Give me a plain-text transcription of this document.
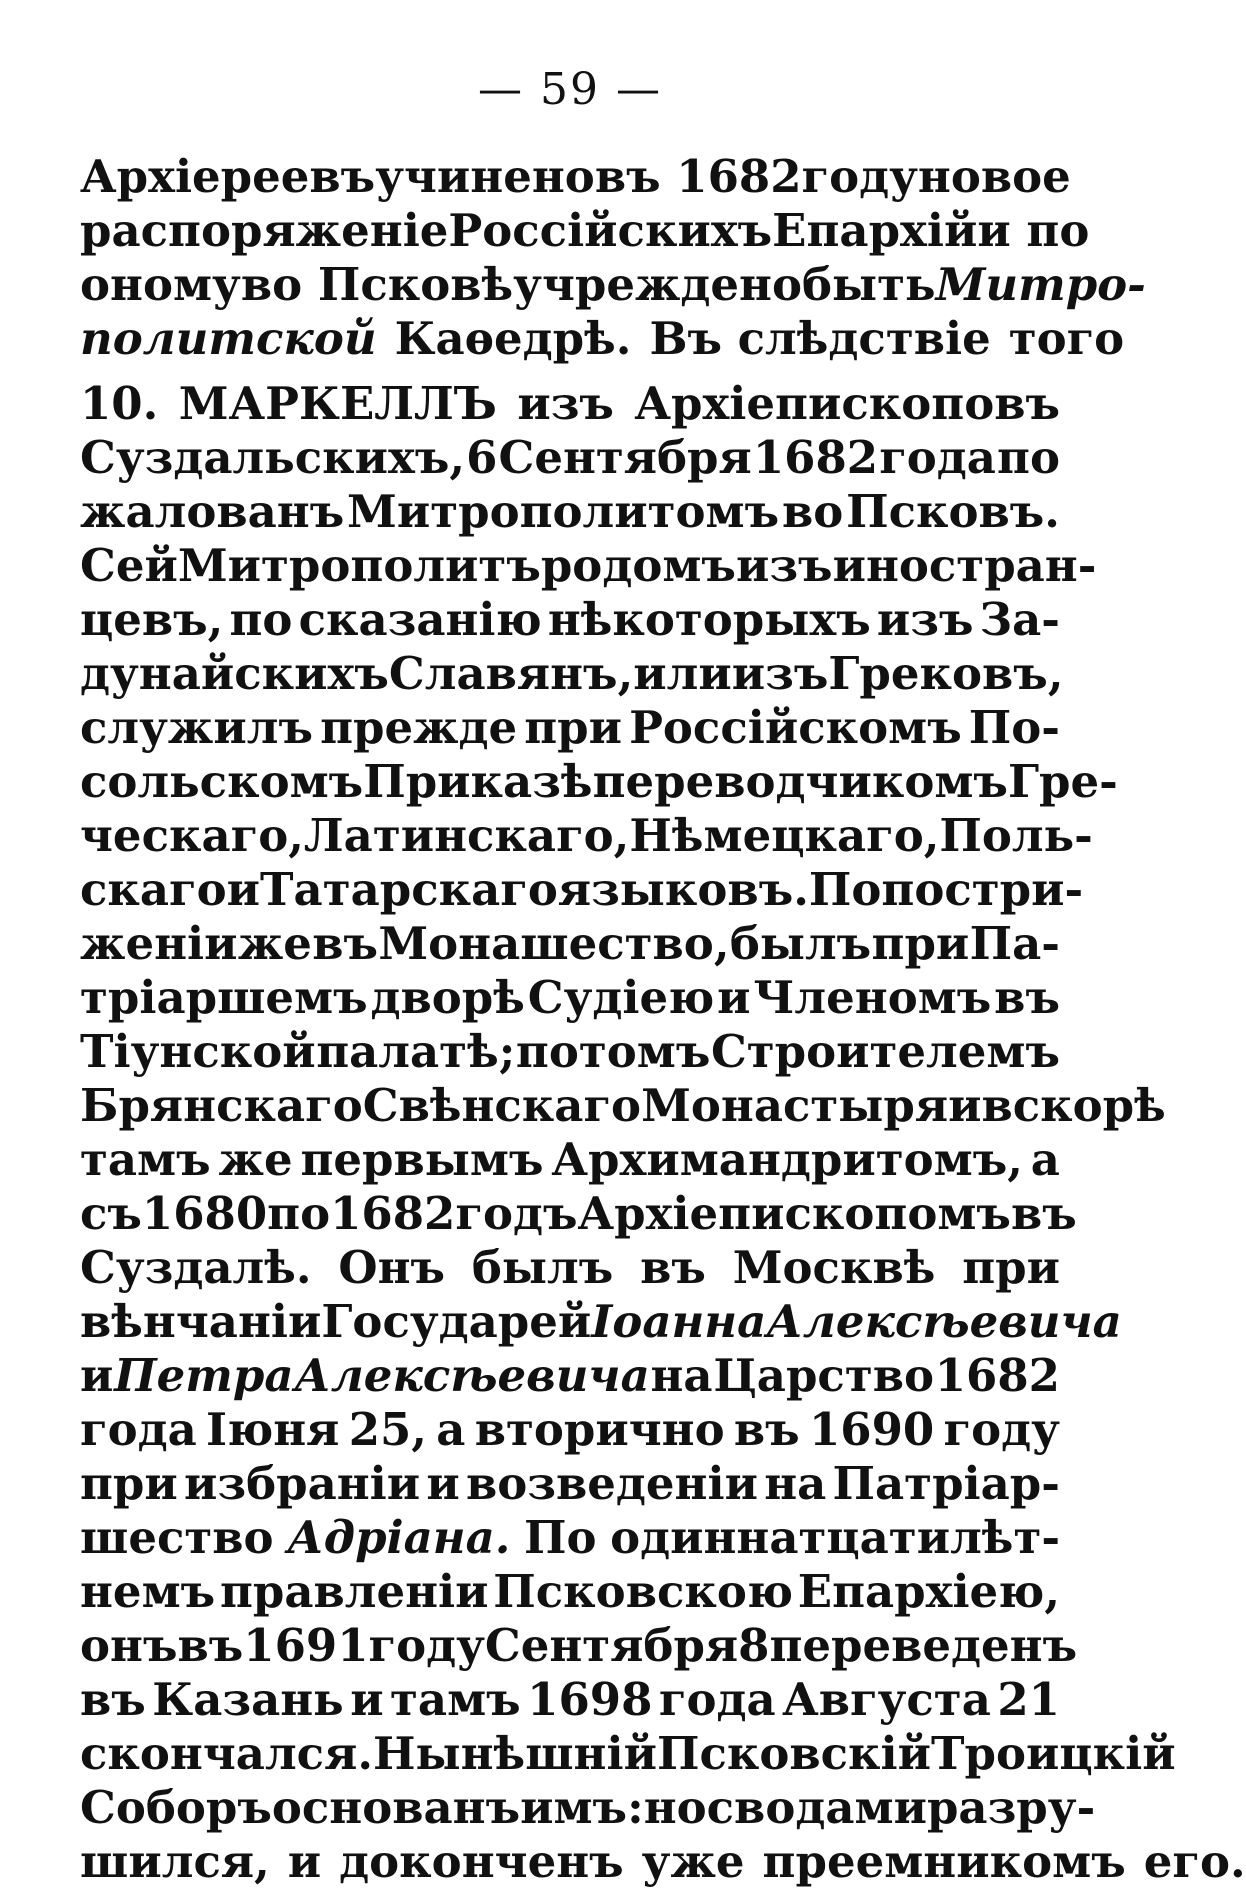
— 59 —
Архіереевъ учинено въ 1682 году новое
распоряженіе Россійскихъ Епархій и по
оному во Псковѣ учреждено быть Митро-
политской Каѳедрѣ. Въ слѣдствіе того
10. МАРКЕЛЛЪ изъ Архіепископовъ
Суздальскихъ, 6 Сентября 1682 года по
жалованъ Митрополитомъ во Псковъ.
Сей Митрополитъ родомъ изъ иностран-
цевъ, по сказанію нѣкоторыхъ изъ За-
дунайскихъ Славянъ, или изъ Грековъ,
служилъ прежде при Россійскомъ По-
сольскомъ Приказѣ переводчикомъ Гре-
ческаго, Латинскаго, Нѣмецкаго, Поль-
скаго и Татарскаго языковъ. По постри-
женіи же въ Монашество, былъ при Па-
тріаршемъ дворѣ Судіею и Членомъ въ
Тіунской палатѣ; потомъ Строителемъ
Брянскаго Свѣнскаго Монастыря и вскорѣ
тамъ же первымъ Архимандритомъ, а
съ 1680 по 1682 годъ Архіепископомъ въ
Суздалѣ. Онъ былъ въ Москвѣ при
вѣнчаніи Государей Іоанна Алексѣевича
и Петра Алексѣевича на Царство 1682
года Іюня 25, а вторично въ 1690 году
при избраніи и возведеніи на Патріар-
шество Адріана. По одиннатцатилѣт-
немъ правленіи Псковскою Епархіею,
онъ въ 1691 году Сентября 8 переведенъ
въ Казань и тамъ 1698 года Августа 21
скончался. Нынѣшній Псковскій Троицкій
Соборъ основанъ имъ: но сводами разру-
шился, и доконченъ уже преемникомъ его.
